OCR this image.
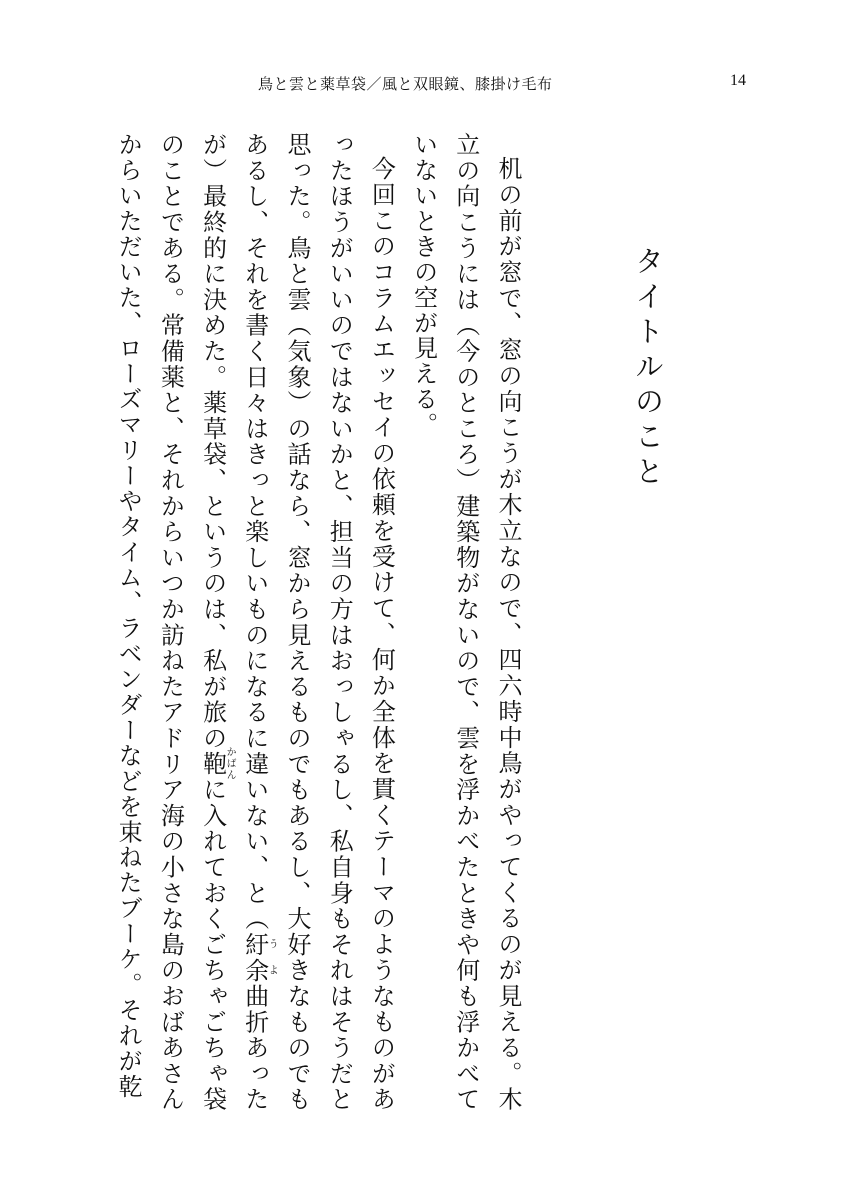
鳥と雲と薬草袋／風と双眼鏡、膝掛け毛布	14
タイトルのこと

机の前が窓で、窓の向こうが木立なので、四六時中鳥がやってくるのが見える。木立の向こうには（今のところ）建築物がないので、雲を浮かべたときや何も浮かべていないときの空が見える。

今回このコラムエッセイの依頼を受けて、何か全体を貫くテーマのようなものがあったほうがいいのではないかと、担当の方はおっしゃるし、私自身もそれはそうだと思った。鳥と雲（気象）の話なら、窓から見えるものでもあるし、大好きなものでもあるし、それを書く日々はきっと楽しいものになるに違いない、と（紆余うよ曲折あったが）最終的に決めた。薬草袋、というのは、私が旅の鞄かばんに入れておくごちゃごちゃ袋のことである。常備薬と、それからいつか訪ねたアドリア海の小さな島のおばあさんからいただいた、ローズマリーやタイム、ラベンダーなどを束ねたブーケ。それが乾
